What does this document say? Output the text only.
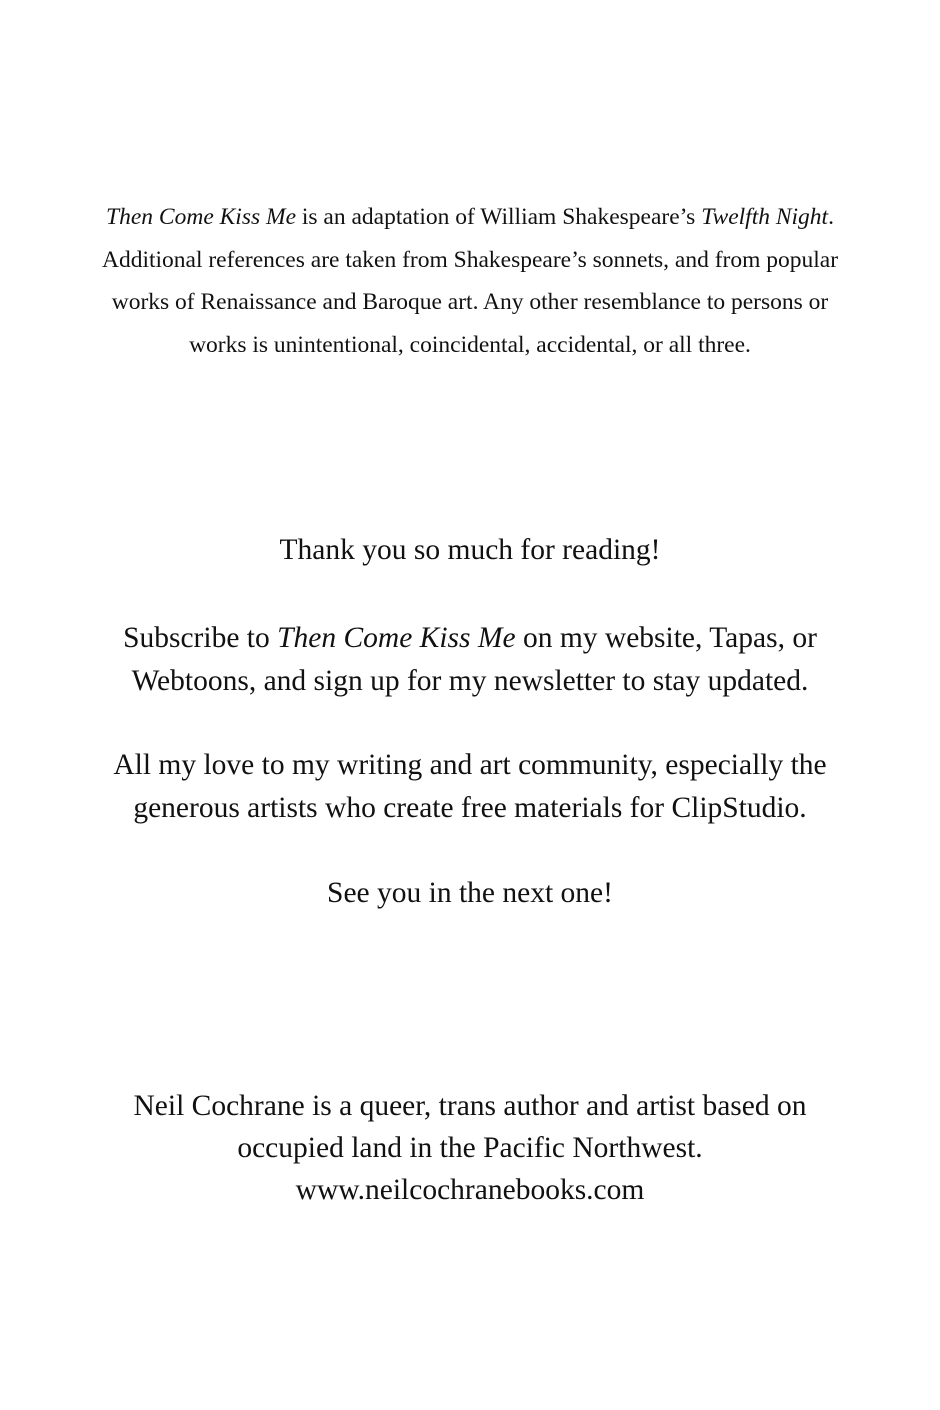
Then Come Kiss Me is an adaptation of William Shakespeare’s Twelfth Night.
Additional references are taken from Shakespeare’s sonnets, and from popular
works of Renaissance and Baroque art. Any other resemblance to persons or
works is unintentional, coincidental, accidental, or all three.

Thank you so much for reading!

Subscribe to Then Come Kiss Me on my website, Tapas, or
Webtoons, and sign up for my newsletter to stay updated.

All my love to my writing and art community, especially the
generous artists who create free materials for ClipStudio.

See you in the next one!

Neil Cochrane is a queer, trans author and artist based on
occupied land in the Pacific Northwest.
www.neilcochranebooks.com
